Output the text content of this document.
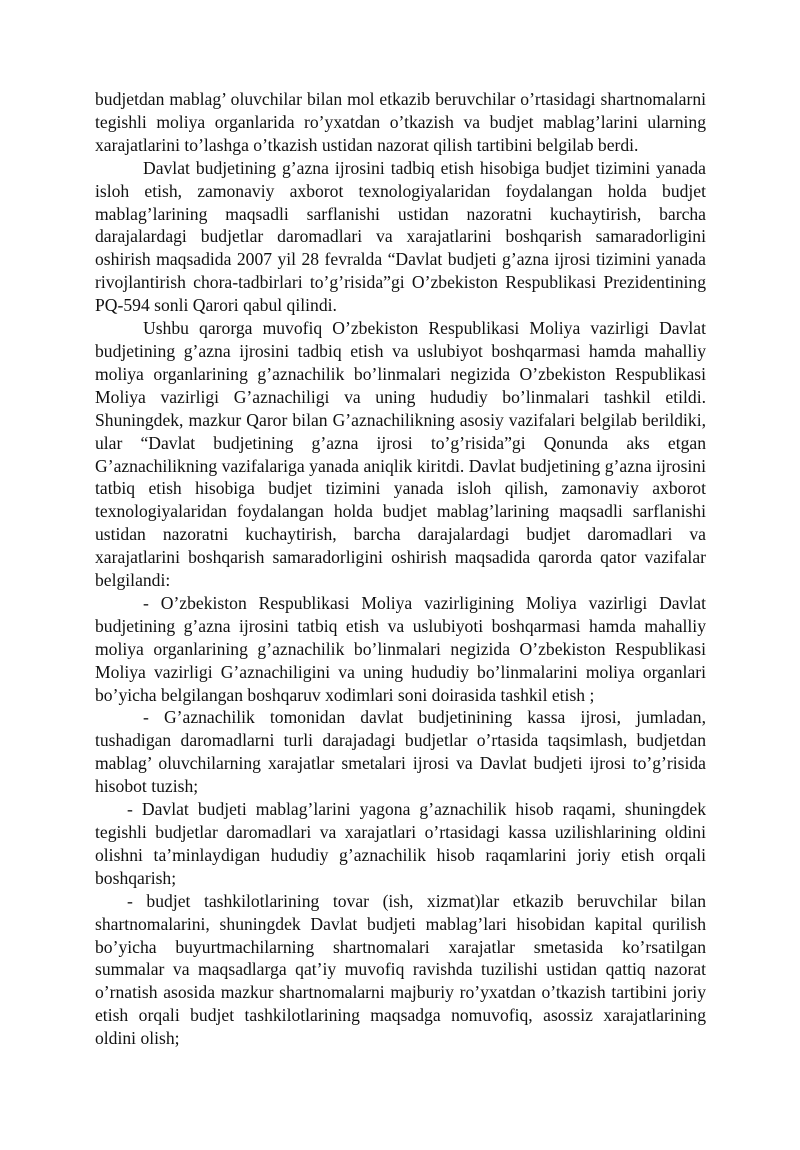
budjetdan mablag’ oluvchilar bilan mol etkazib beruvchilar o’rtasidagi shartnomalarni tegishli moliya organlarida ro’yxatdan o’tkazish va budjet mablag’larini ularning xarajatlarini to’lashga o’tkazish ustidan nazorat qilish tartibini belgilab berdi.

Davlat budjetining g’azna ijrosini tadbiq etish hisobiga budjet tizimini yanada isloh etish, zamonaviy axborot texnologiyalaridan foydalangan holda budjet mablag’larining maqsadli sarflanishi ustidan nazoratni kuchaytirish, barcha darajalardagi budjetlar daromadlari va xarajatlarini boshqarish samaradorligini oshirish maqsadida 2007 yil 28 fevralda “Davlat budjeti g’azna ijrosi tizimini yanada rivojlantirish chora-tadbirlari to’g’risida”gi O’zbekiston Respublikasi Prezidentining PQ-594 sonli Qarori qabul qilindi.

Ushbu qarorga muvofiq O’zbekiston Respublikasi Moliya vazirligi Davlat budjetining g’azna ijrosini tadbiq etish va uslubiyot boshqarmasi hamda mahalliy moliya organlarining g’aznachilik bo’linmalari negizida O’zbekiston Respublikasi Moliya vazirligi G’aznachiligi va uning hududiy bo’linmalari tashkil etildi. Shuningdek, mazkur Qaror bilan G’aznachilikning asosiy vazifalari belgilab berildiki, ular “Davlat budjetining g’azna ijrosi to’g’risida”gi Qonunda aks etgan G’aznachilikning vazifalariga yanada aniqlik kiritdi. Davlat budjetining g’azna ijrosini tatbiq etish hisobiga budjet tizimini yanada isloh qilish, zamonaviy axborot texnologiyalaridan foydalangan holda budjet mablag’larining maqsadli sarflanishi ustidan nazoratni kuchaytirish, barcha darajalardagi budjet daromadlari va xarajatlarini boshqarish samaradorligini oshirish maqsadida qarorda qator vazifalar belgilandi:

- O’zbekiston Respublikasi Moliya vazirligining Moliya vazirligi Davlat budjetining g’azna ijrosini tatbiq etish va uslubiyoti boshqarmasi hamda mahalliy moliya organlarining g’aznachilik bo’linmalari negizida O’zbekiston Respublikasi Moliya vazirligi G’aznachiligini va uning hududiy bo’linmalarini moliya organlari bo’yicha belgilangan boshqaruv xodimlari soni doirasida tashkil etish ;

- G’aznachilik tomonidan davlat budjetinining kassa ijrosi, jumladan, tushadigan daromadlarni turli darajadagi budjetlar o’rtasida taqsimlash, budjetdan mablag’ oluvchilarning xarajatlar smetalari ijrosi va Davlat budjeti ijrosi to’g’risida hisobot tuzish;

- Davlat budjeti mablag’larini yagona g’aznachilik hisob raqami, shuningdek tegishli budjetlar daromadlari va xarajatlari o’rtasidagi kassa uzilishlarining oldini olishni ta’minlaydigan hududiy g’aznachilik hisob raqamlarini joriy etish orqali boshqarish;

- budjet tashkilotlarining tovar (ish, xizmat)lar etkazib beruvchilar bilan shartnomalarini, shuningdek Davlat budjeti mablag’lari hisobidan kapital qurilish bo’yicha buyurtmachilarning shartnomalari xarajatlar smetasida ko’rsatilgan summalar va maqsadlarga qat’iy muvofiq ravishda tuzilishi ustidan qattiq nazorat o’rnatish asosida mazkur shartnomalarni majburiy ro’yxatdan o’tkazish tartibini joriy etish orqali budjet tashkilotlarining maqsadga nomuvofiq, asossiz xarajatlarining oldini olish;
